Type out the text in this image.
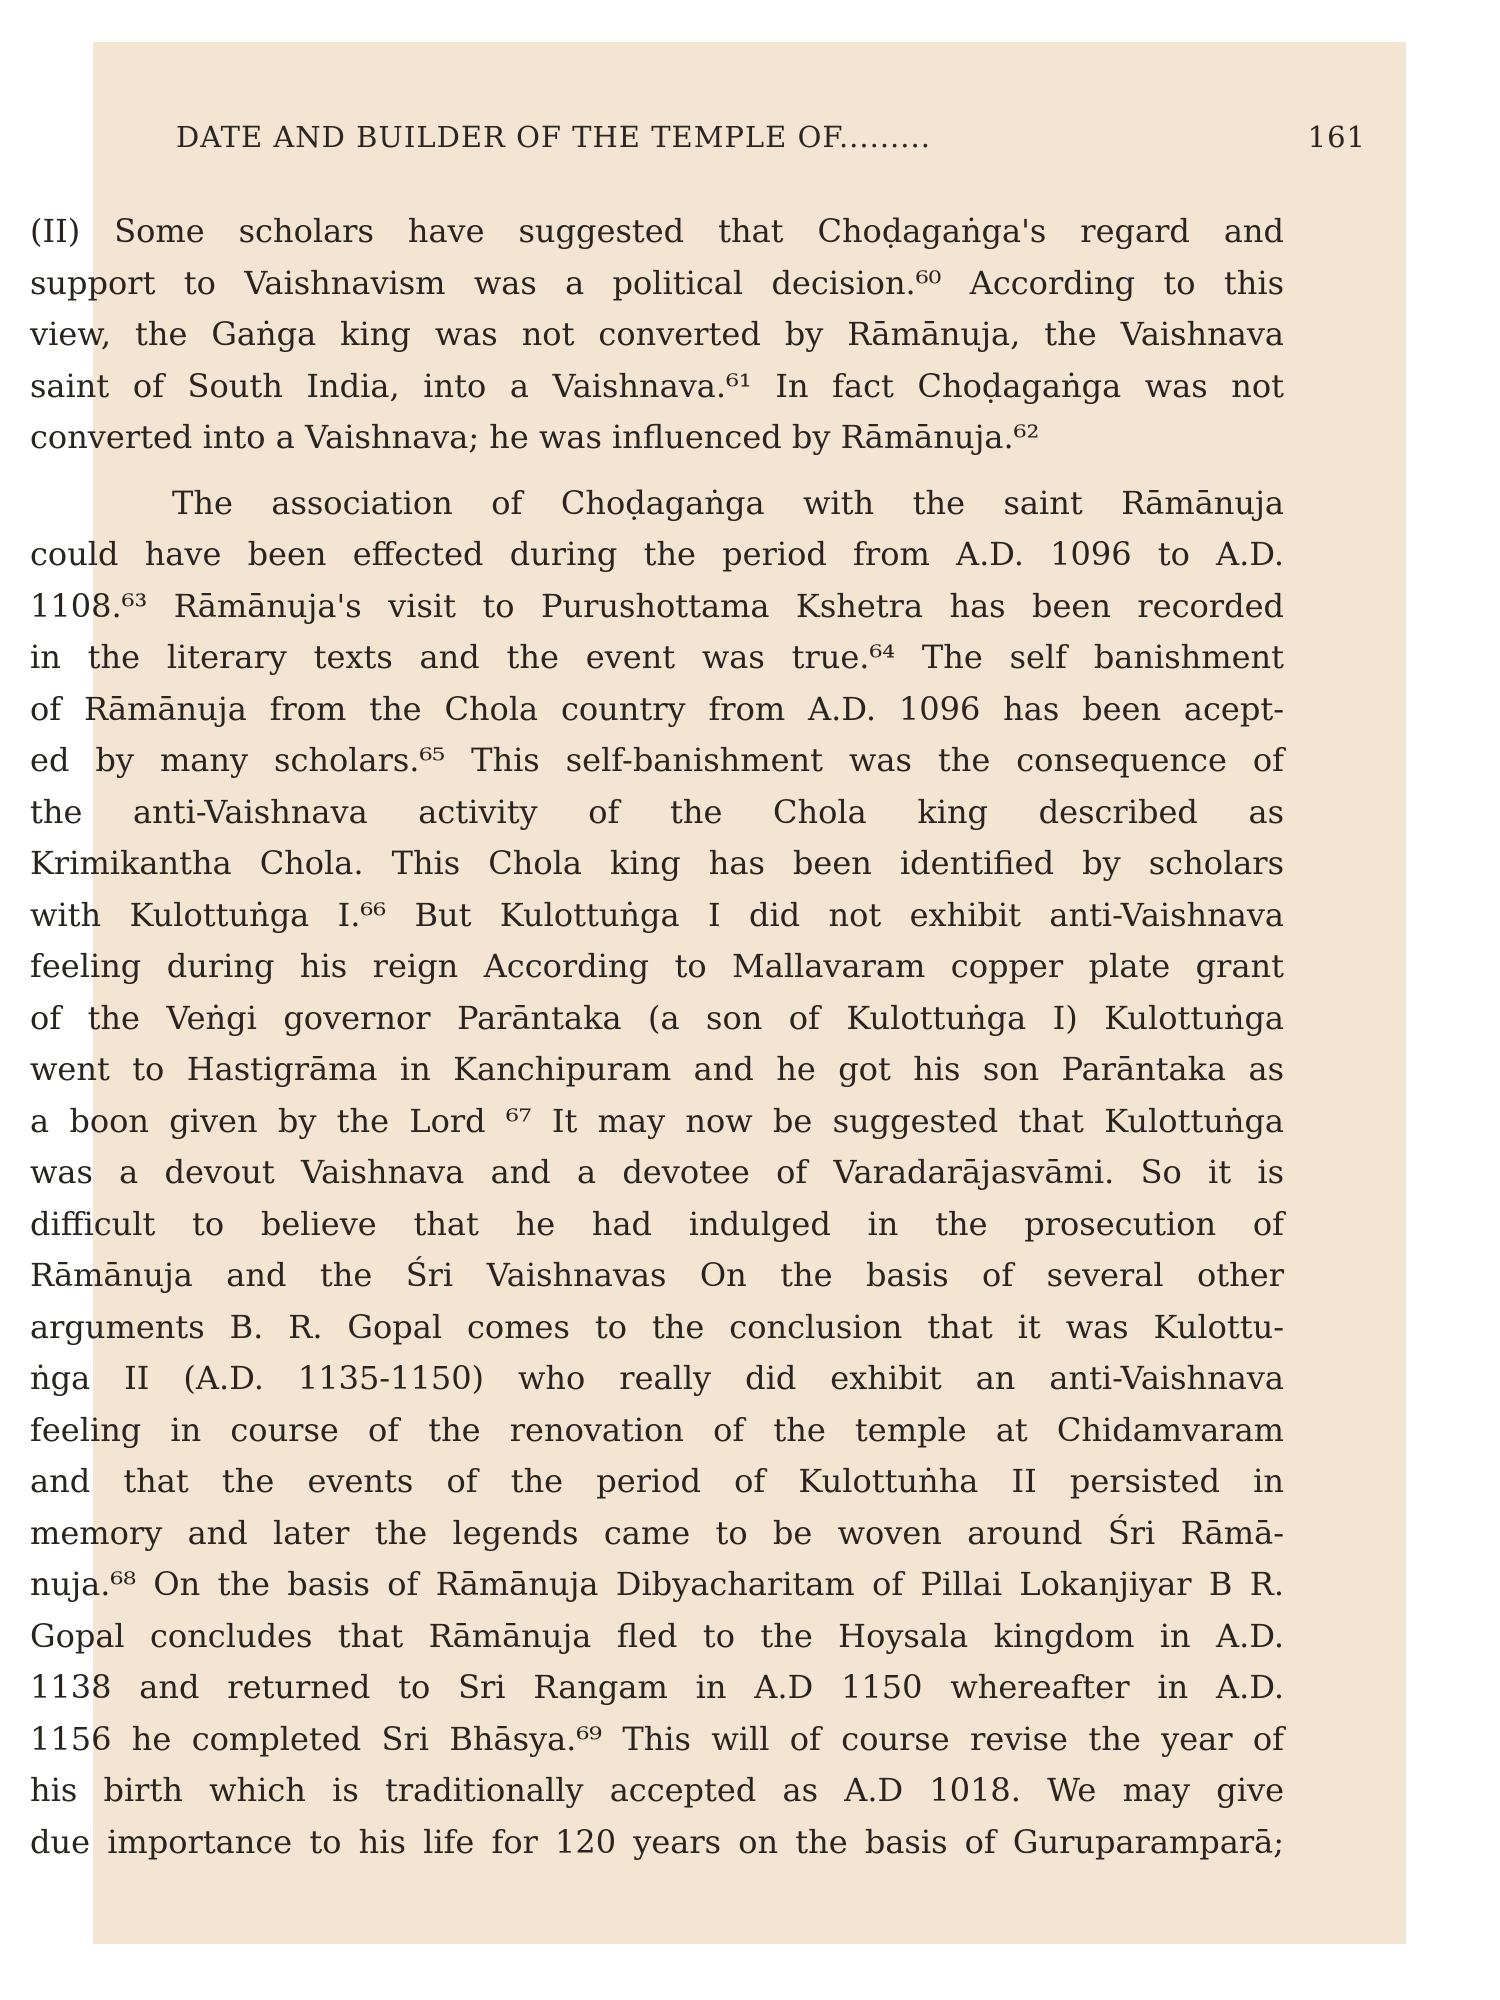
DATE AND BUILDER OF THE TEMPLE OF.........	161
(II) Some scholars have suggested that Choḍagaṅga's regard and
support to Vaishnavism was a political decision.⁶⁰ According to this
view, the Gaṅga king was not converted by Rāmānuja, the Vaishnava
saint of South India, into a Vaishnava.⁶¹ In fact Choḍagaṅga was not
converted into a Vaishnava; he was influenced by Rāmānuja.⁶²
The association of Choḍagaṅga with the saint Rāmānuja
could have been effected during the period from A.D. 1096 to A.D.
1108.⁶³ Rāmānuja's visit to Purushottama Kshetra has been recorded
in the literary texts and the event was true.⁶⁴ The self banishment
of Rāmānuja from the Chola country from A.D. 1096 has been acept-
ed by many scholars.⁶⁵ This self-banishment was the consequence of
the anti-Vaishnava activity of the Chola king described as
Krimikantha Chola. This Chola king has been identified by scholars
with Kulottuṅga I.⁶⁶ But Kulottuṅga I did not exhibit anti-Vaishnava
feeling during his reign According to Mallavaram copper plate grant
of the Veṅgi governor Parāntaka (a son of Kulottuṅga I) Kulottuṅga
went to Hastigrāma in Kanchipuram and he got his son Parāntaka as
a boon given by the Lord ⁶⁷ It may now be suggested that Kulottuṅga
was a devout Vaishnava and a devotee of Varadarājasvāmi. So it is
difficult to believe that he had indulged in the prosecution of
Rāmānuja and the Śri Vaishnavas On the basis of several other
arguments B. R. Gopal comes to the conclusion that it was Kulottu-
ṅga II (A.D. 1135-1150) who really did exhibit an anti-Vaishnava
feeling in course of the renovation of the temple at Chidamvaram
and that the events of the period of Kulottuṅha II persisted in
memory and later the legends came to be woven around Śri Rāmā-
nuja.⁶⁸ On the basis of Rāmānuja Dibyacharitam of Pillai Lokanjiyar B R.
Gopal concludes that Rāmānuja fled to the Hoysala kingdom in A.D.
1138 and returned to Sri Rangam in A.D 1150 whereafter in A.D.
1156 he completed Sri Bhāsya.⁶⁹ This will of course revise the year of
his birth which is traditionally accepted as A.D 1018. We may give
due importance to his life for 120 years on the basis of Guruparamparā;
